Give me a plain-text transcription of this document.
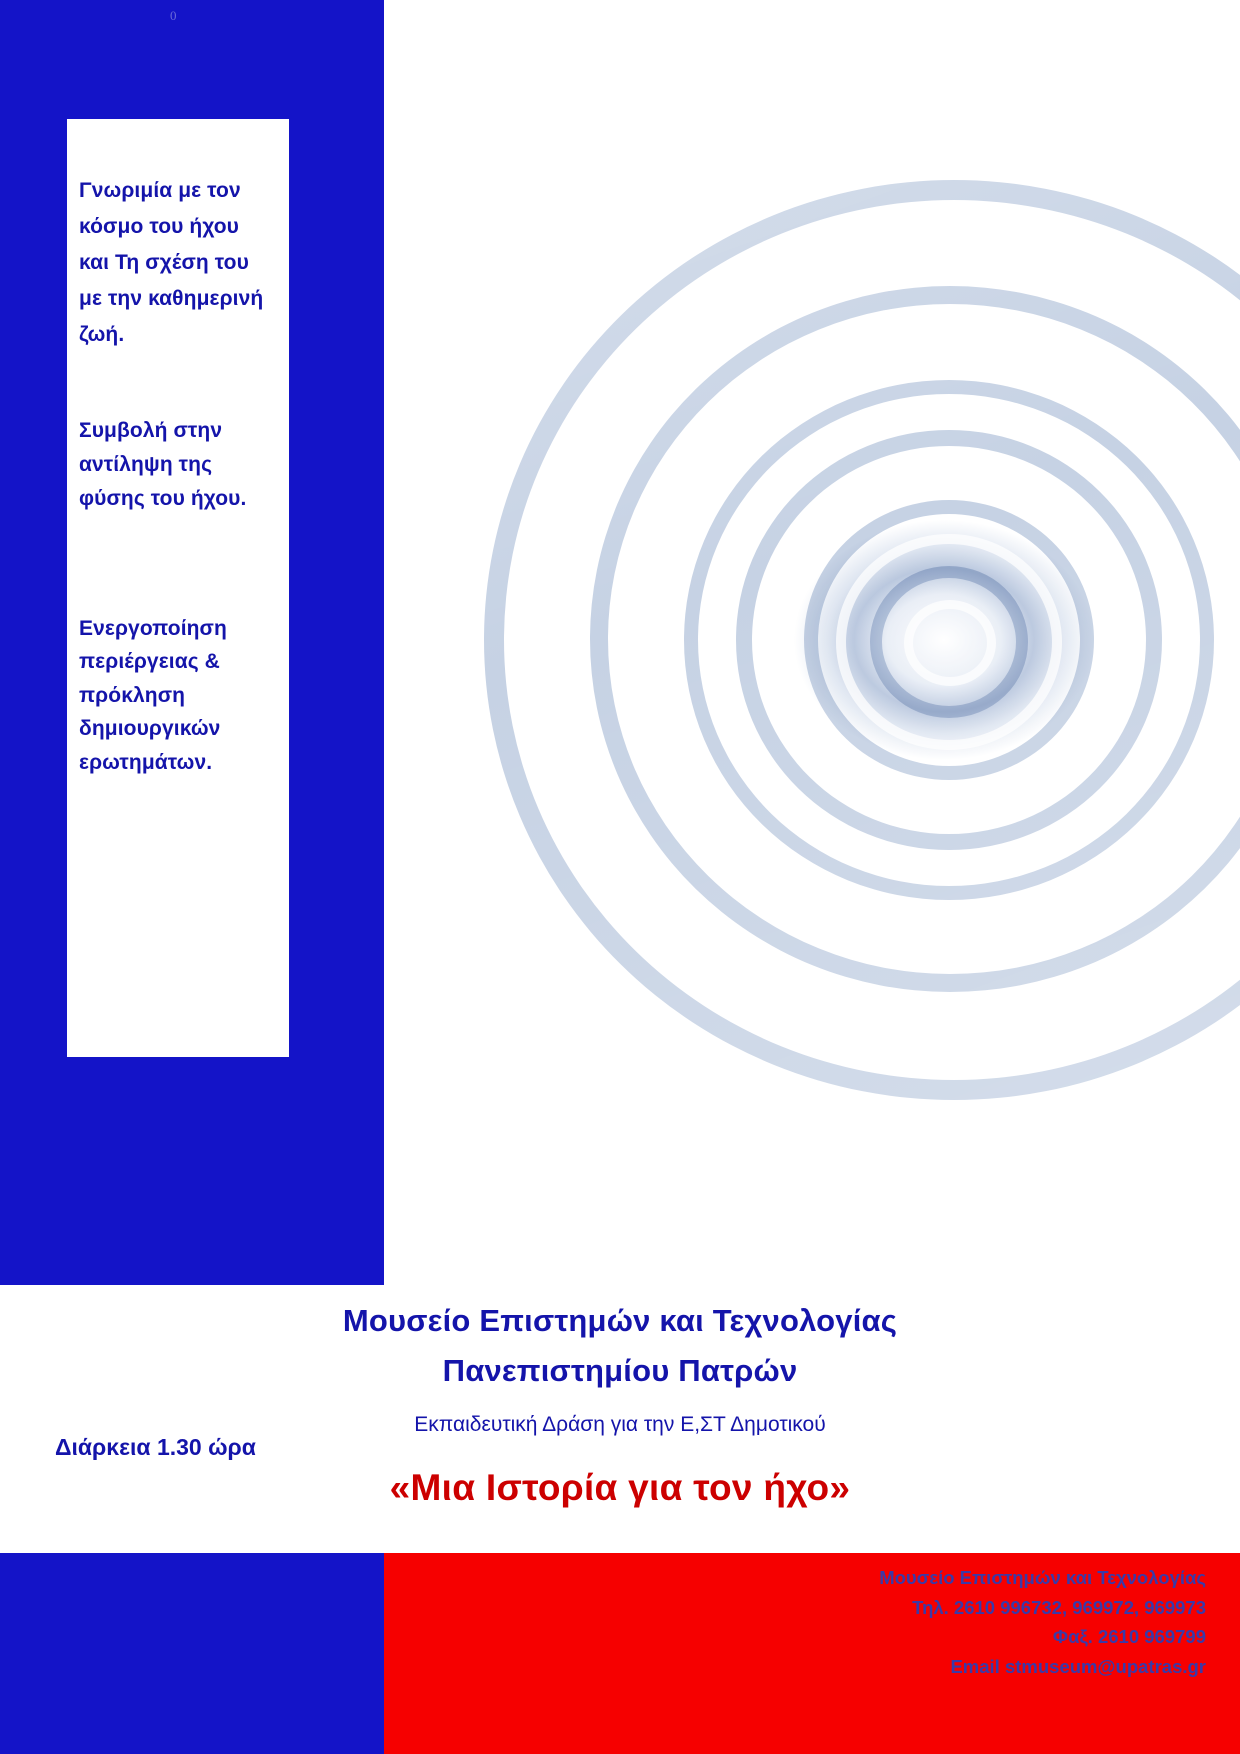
0

Γνωριμία με τον κόσμο του ήχου και Τη σχέση του με την καθημερινή ζωή.

Συμβολή στην αντίληψη της φύσης του ήχου.

Ενεργοποίηση περιέργειας & πρόκληση δημιουργικών ερωτημάτων.

Μουσείο Επιστημών και Τεχνολογίας
Πανεπιστημίου Πατρών
Εκπαιδευτική Δράση για την Ε,ΣΤ Δημοτικού
«Μια Ιστορία για τον ήχο»
Διάρκεια 1.30 ώρα
Μουσείο Επιστημών και Τεχνολογίας
Τηλ. 2610 996732, 969972, 969973
Φαξ. 2610 969799
Email stmuseum@upatras.gr
